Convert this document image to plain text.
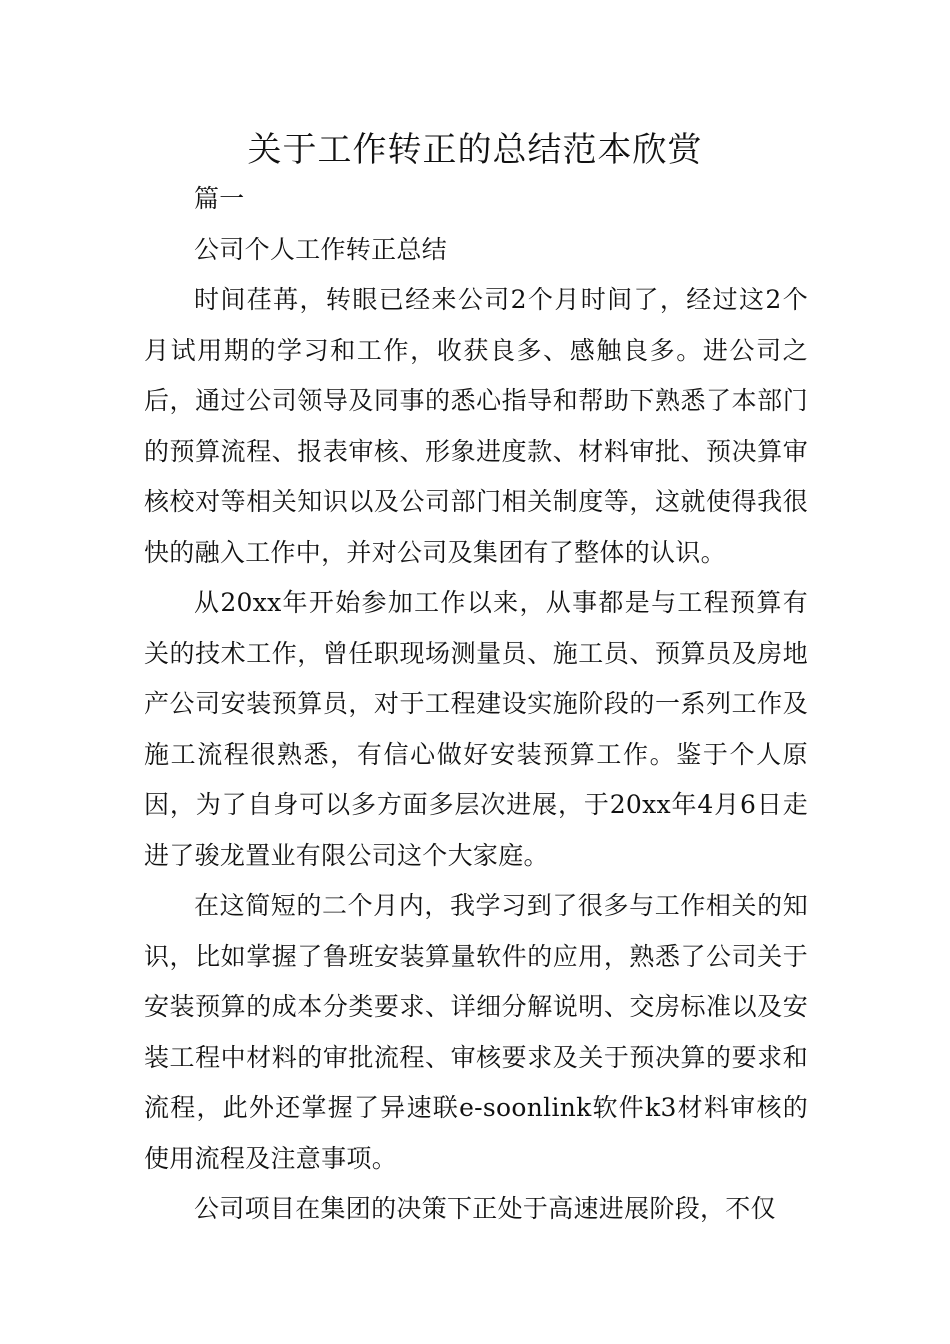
关于工作转正的总结范本欣赏

篇一

公司个人工作转正总结

时间荏苒，转眼已经来公司2个月时间了，经过这2个月试用期的学习和工作，收获良多、感触良多。进公司之后，通过公司领导及同事的悉心指导和帮助下熟悉了本部门的预算流程、报表审核、形象进度款、材料审批、预决算审核校对等相关知识以及公司部门相关制度等，这就使得我很快的融入工作中，并对公司及集团有了整体的认识。

从20xx年开始参加工作以来，从事都是与工程预算有关的技术工作，曾任职现场测量员、施工员、预算员及房地产公司安装预算员，对于工程建设实施阶段的一系列工作及施工流程很熟悉，有信心做好安装预算工作。鉴于个人原因，为了自身可以多方面多层次进展，于20xx年4月6日走进了骏龙置业有限公司这个大家庭。

在这简短的二个月内，我学习到了很多与工作相关的知识，比如掌握了鲁班安装算量软件的应用，熟悉了公司关于安装预算的成本分类要求、详细分解说明、交房标准以及安装工程中材料的审批流程、审核要求及关于预决算的要求和流程，此外还掌握了异速联e-soonlink软件k3材料审核的使用流程及注意事项。

公司项目在集团的决策下正处于高速进展阶段，不仅
